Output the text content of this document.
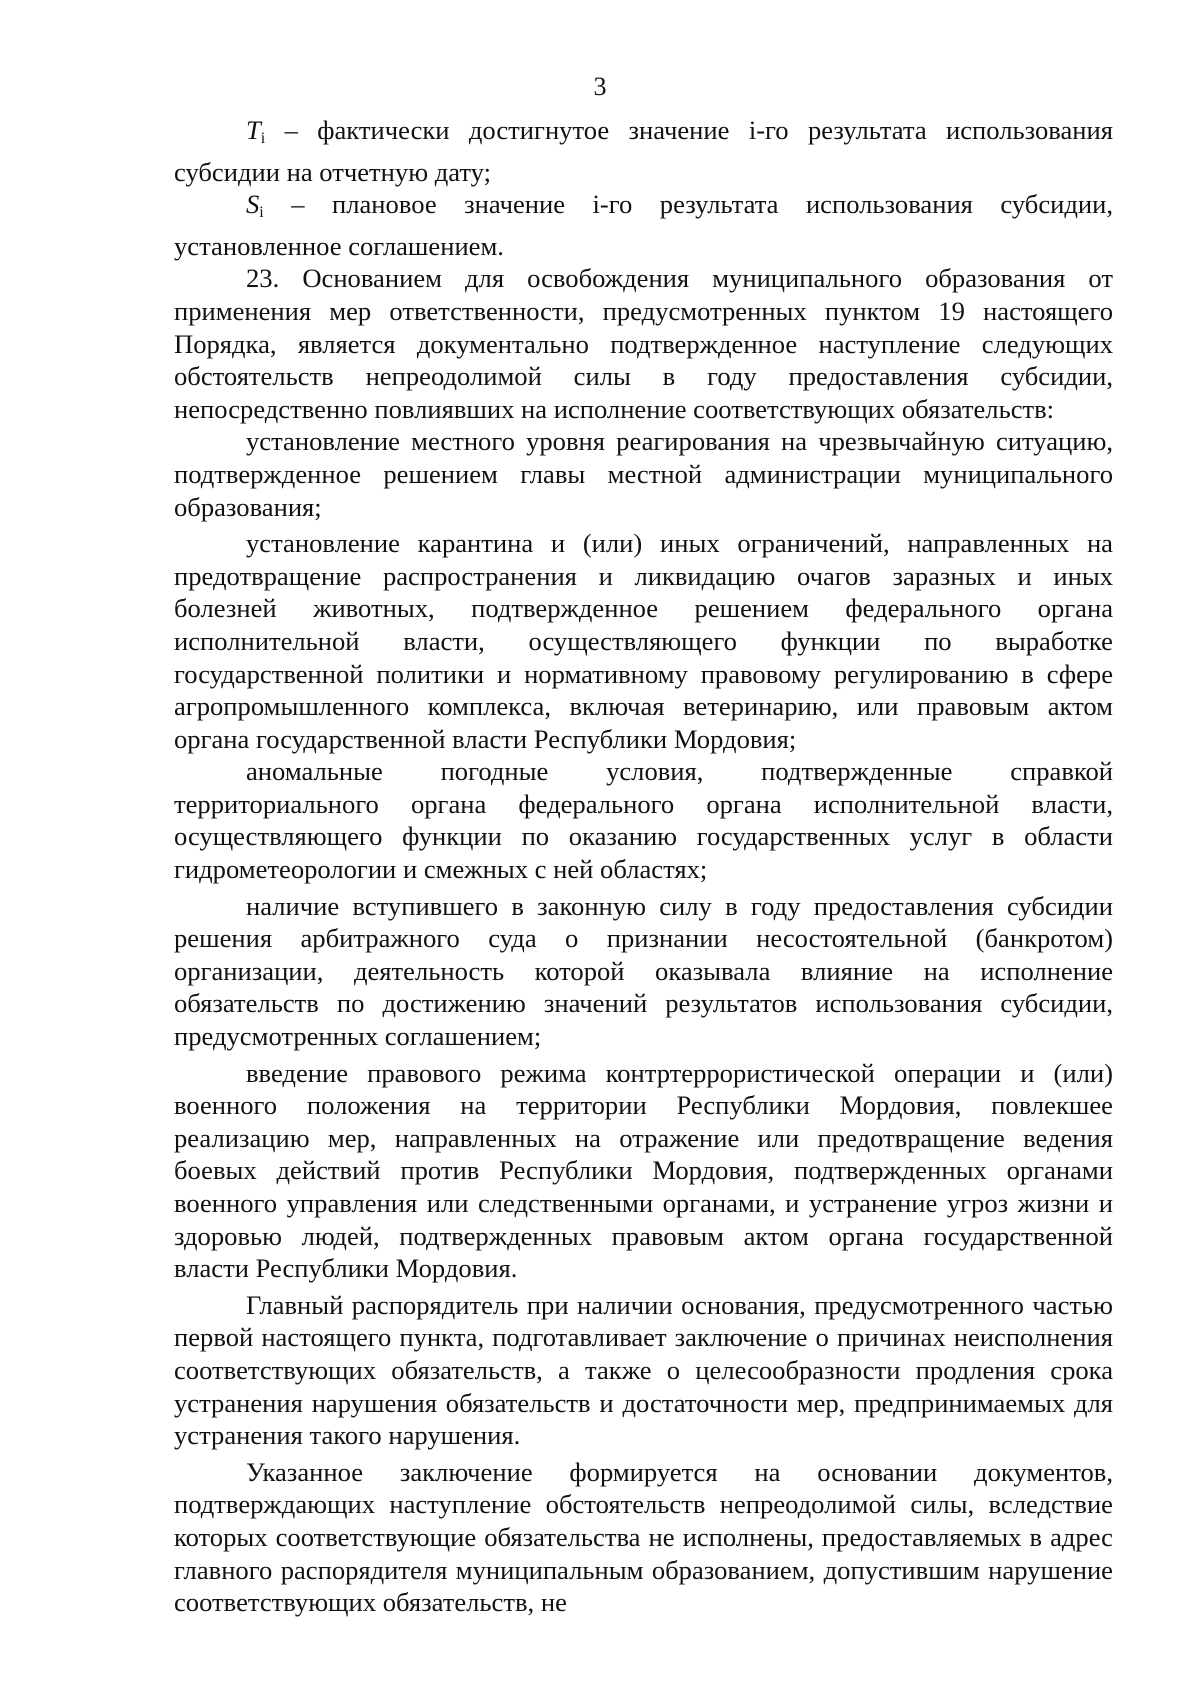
3

$T_i$ – фактически достигнутое значение i-го результата использования субсидии на отчетную дату;

$S_i$ – плановое значение i-го результата использования субсидии, установленное соглашением.

23. Основанием для освобождения муниципального образования от применения мер ответственности, предусмотренных пунктом 19 настоящего Порядка, является документально подтвержденное наступление следующих обстоятельств непреодолимой силы в году предоставления субсидии, непосредственно повлиявших на исполнение соответствующих обязательств:

установление местного уровня реагирования на чрезвычайную ситуацию, подтвержденное решением главы местной администрации муниципального образования;

установление карантина и (или) иных ограничений, направленных на предотвращение распространения и ликвидацию очагов заразных и иных болезней животных, подтвержденное решением федерального органа исполнительной власти, осуществляющего функции по выработке государственной политики и нормативному правовому регулированию в сфере агропромышленного комплекса, включая ветеринарию, или правовым актом органа государственной власти Республики Мордовия;

аномальные погодные условия, подтвержденные справкой территориального органа федерального органа исполнительной власти, осуществляющего функции по оказанию государственных услуг в области гидрометеорологии и смежных с ней областях;

наличие вступившего в законную силу в году предоставления субсидии решения арбитражного суда о признании несостоятельной (банкротом) организации, деятельность которой оказывала влияние на исполнение обязательств по достижению значений результатов использования субсидии, предусмотренных соглашением;

введение правового режима контртеррористической операции и (или) военного положения на территории Республики Мордовия, повлекшее реализацию мер, направленных на отражение или предотвращение ведения боевых действий против Республики Мордовия, подтвержденных органами военного управления или следственными органами, и устранение угроз жизни и здоровью людей, подтвержденных правовым актом органа государственной власти Республики Мордовия.

Главный распорядитель при наличии основания, предусмотренного частью первой настоящего пункта, подготавливает заключение о причинах неисполнения соответствующих обязательств, а также о целесообразности продления срока устранения нарушения обязательств и достаточности мер, предпринимаемых для устранения такого нарушения.

Указанное заключение формируется на основании документов, подтверждающих наступление обстоятельств непреодолимой силы, вследствие которых соответствующие обязательства не исполнены, предоставляемых в адрес главного распорядителя муниципальным образованием, допустившим нарушение соответствующих обязательств, не
